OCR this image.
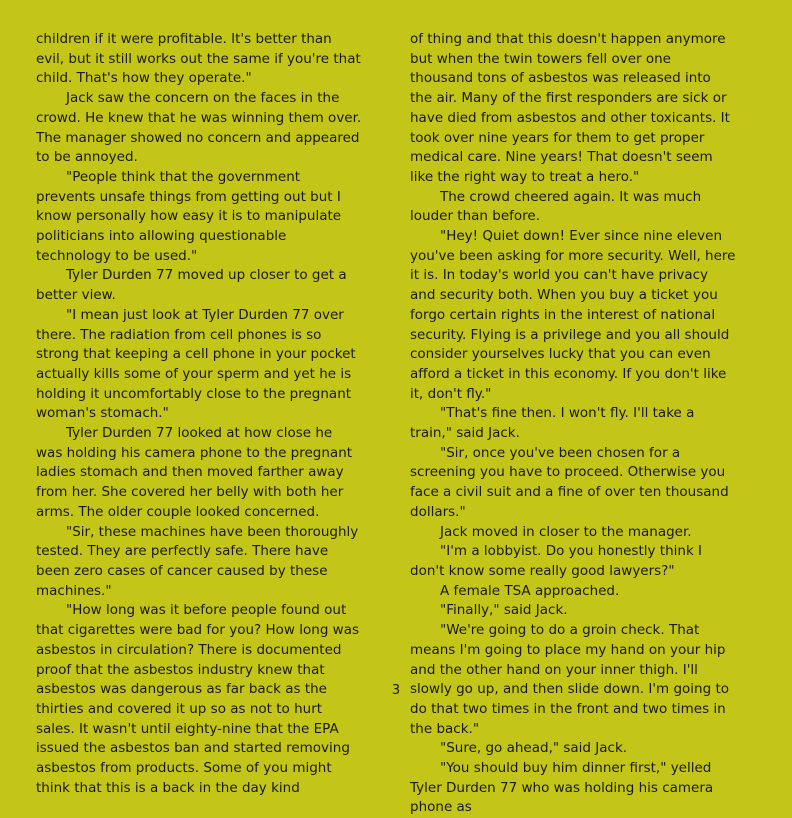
children if it were profitable. It's better than evil, but it still works out the same if you're that child. That's how they operate."

Jack saw the concern on the faces in the crowd. He knew that he was winning them over. The manager showed no concern and appeared to be annoyed.

"People think that the government prevents unsafe things from getting out but I know personally how easy it is to manipulate politicians into allowing questionable technology to be used."

Tyler Durden 77 moved up closer to get a better view.

"I mean just look at Tyler Durden 77 over there. The radiation from cell phones is so strong that keeping a cell phone in your pocket actually kills some of your sperm and yet he is holding it uncomfortably close to the pregnant woman's stomach."

Tyler Durden 77 looked at how close he was holding his camera phone to the pregnant ladies stomach and then moved farther away from her. She covered her belly with both her arms. The older couple looked concerned.

"Sir, these machines have been thoroughly tested. They are perfectly safe. There have been zero cases of cancer caused by these machines."

"How long was it before people found out that cigarettes were bad for you? How long was asbestos in circulation? There is documented proof that the asbestos industry knew that asbestos was dangerous as far back as the thirties and covered it up so as not to hurt sales. It wasn't until eighty-nine that the EPA issued the asbestos ban and started removing asbestos from products. Some of you might think that this is a back in the day kind

of thing and that this doesn't happen anymore but when the twin towers fell over one thousand tons of asbestos was released into the air. Many of the first responders are sick or have died from asbestos and other toxicants. It took over nine years for them to get proper medical care. Nine years! That doesn't seem like the right way to treat a hero."

The crowd cheered again. It was much louder than before.

"Hey! Quiet down! Ever since nine eleven you've been asking for more security. Well, here it is. In today's world you can't have privacy and security both. When you buy a ticket you forgo certain rights in the interest of national security. Flying is a privilege and you all should consider yourselves lucky that you can even afford a ticket in this economy. If you don't like it, don't fly."

"That's fine then. I won't fly. I'll take a train," said Jack.

"Sir, once you've been chosen for a screening you have to proceed. Otherwise you face a civil suit and a fine of over ten thousand dollars."

Jack moved in closer to the manager.

"I'm a lobbyist. Do you honestly think I don't know some really good lawyers?"

A female TSA approached.

"Finally," said Jack.

"We're going to do a groin check. That means I'm going to place my hand on your hip and the other hand on your inner thigh. I'll slowly go up, and then slide down. I'm going to do that two times in the front and two times in the back."

"Sure, go ahead," said Jack.

"You should buy him dinner first," yelled Tyler Durden 77 who was holding his camera phone as

3
